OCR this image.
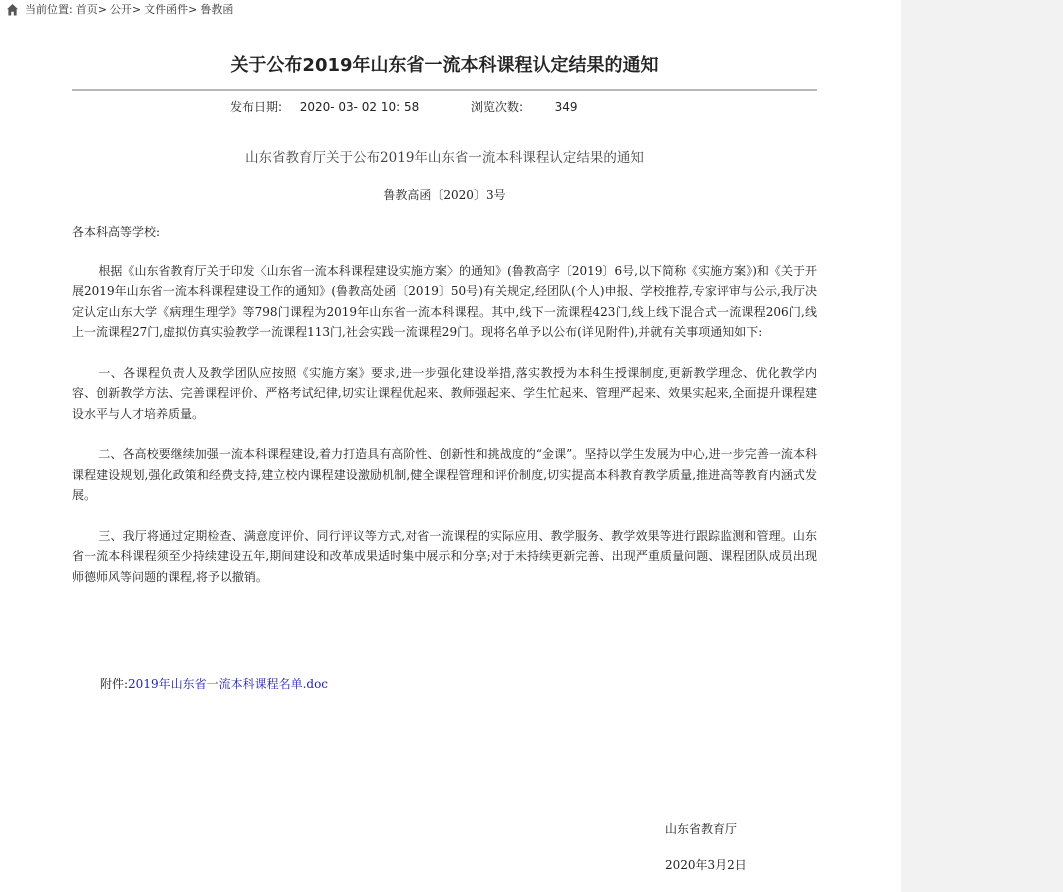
当前位置: 首页> 公开> 文件函件> 鲁教函
关于公布2019年山东省一流本科课程认定结果的通知
发布日期: 2020- 03- 02 10: 58	浏览次数:	349
山东省教育厅关于公布2019年山东省一流本科课程认定结果的通知
鲁教高函〔2020〕3号

各本科高等学校:

根据《山东省教育厅关于印发〈山东省一流本科课程建设实施方案〉的通知》(鲁教高字〔2019〕6号,以下简称《实施方案》)和《关于开展2019年山东省一流本科课程建设工作的通知》(鲁教高处函〔2019〕50号)有关规定,经团队(个人)申报、学校推荐,专家评审与公示,我厅决定认定山东大学《病理生理学》等798门课程为2019年山东省一流本科课程。其中,线下一流课程423门,线上线下混合式一流课程206门,线上一流课程27门,虚拟仿真实验教学一流课程113门,社会实践一流课程29门。现将名单予以公布(详见附件),并就有关事项通知如下:

一、各课程负责人及教学团队应按照《实施方案》要求,进一步强化建设举措,落实教授为本科生授课制度,更新教学理念、优化教学内容、创新教学方法、完善课程评价、严格考试纪律,切实让课程优起来、教师强起来、学生忙起来、管理严起来、效果实起来,全面提升课程建设水平与人才培养质量。

二、各高校要继续加强一流本科课程建设,着力打造具有高阶性、创新性和挑战度的“金课”。坚持以学生发展为中心,进一步完善一流本科课程建设规划,强化政策和经费支持,建立校内课程建设激励机制,健全课程管理和评价制度,切实提高本科教育教学质量,推进高等教育内涵式发展。

三、我厅将通过定期检查、满意度评价、同行评议等方式,对省一流课程的实际应用、教学服务、教学效果等进行跟踪监测和管理。山东省一流本科课程须至少持续建设五年,期间建设和改革成果适时集中展示和分享;对于未持续更新完善、出现严重质量问题、课程团队成员出现师德师风等问题的课程,将予以撤销。

附件:2019年山东省一流本科课程名单.doc
山东省教育厅
2020年3月2日
